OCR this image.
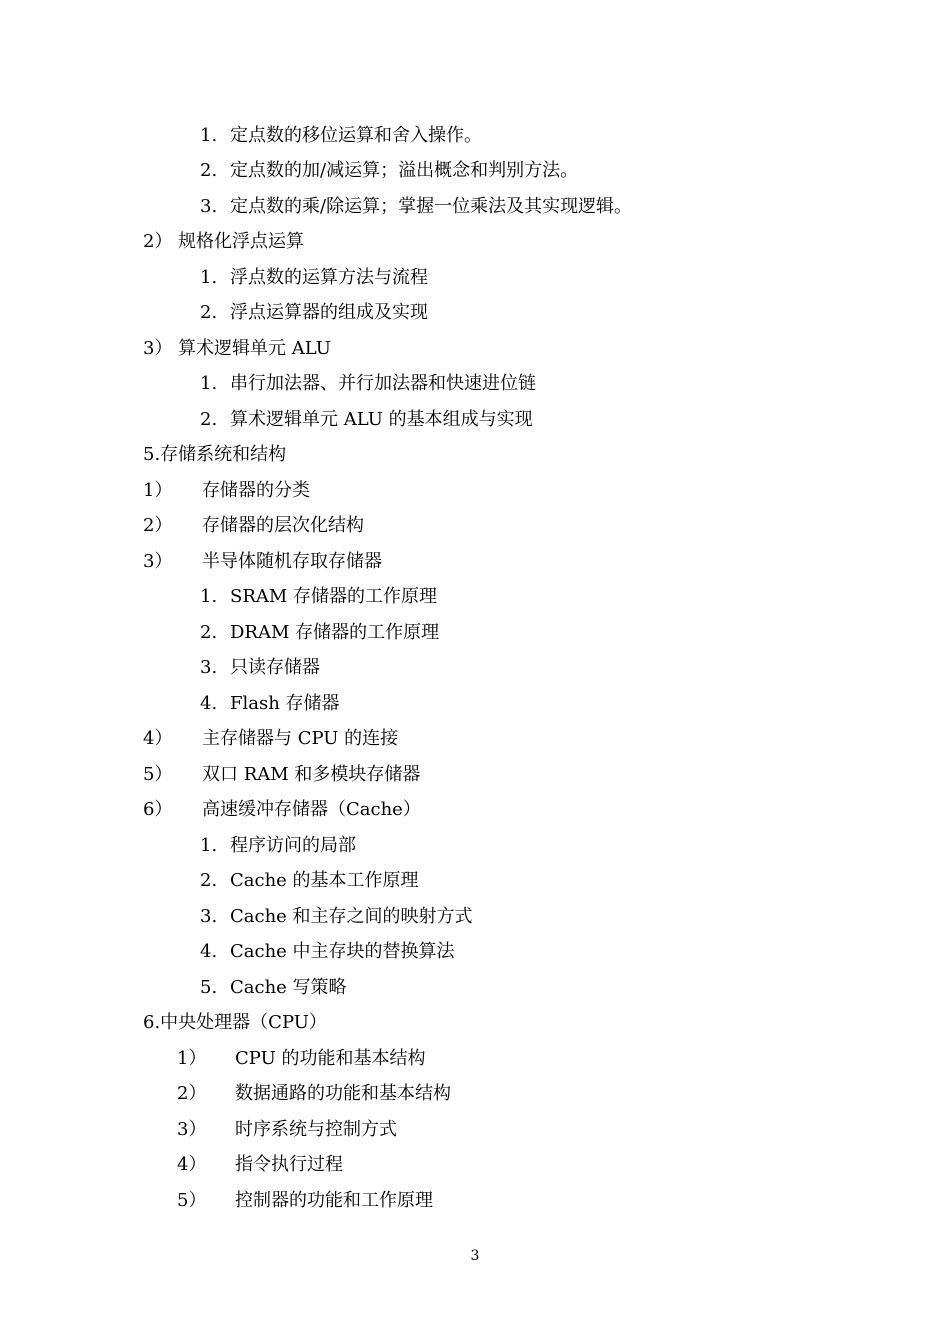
1. 定点数的移位运算和舍入操作。
2. 定点数的加/减运算；溢出概念和判别方法。
3. 定点数的乘/除运算；掌握一位乘法及其实现逻辑。
2） 规格化浮点运算
1. 浮点数的运算方法与流程
2. 浮点运算器的组成及实现
3） 算术逻辑单元 ALU
1. 串行加法器、并行加法器和快速进位链
2. 算术逻辑单元 ALU 的基本组成与实现
5.存储系统和结构
1） 存储器的分类
2） 存储器的层次化结构
3） 半导体随机存取存储器
1. SRAM 存储器的工作原理
2. DRAM 存储器的工作原理
3. 只读存储器
4. Flash 存储器
4） 主存储器与 CPU 的连接
5） 双口 RAM 和多模块存储器
6） 高速缓冲存储器（Cache）
1. 程序访问的局部
2. Cache 的基本工作原理
3. Cache 和主存之间的映射方式
4. Cache 中主存块的替换算法
5. Cache 写策略
6.中央处理器（CPU）
1） CPU 的功能和基本结构
2） 数据通路的功能和基本结构
3） 时序系统与控制方式
4） 指令执行过程
5） 控制器的功能和工作原理
3
